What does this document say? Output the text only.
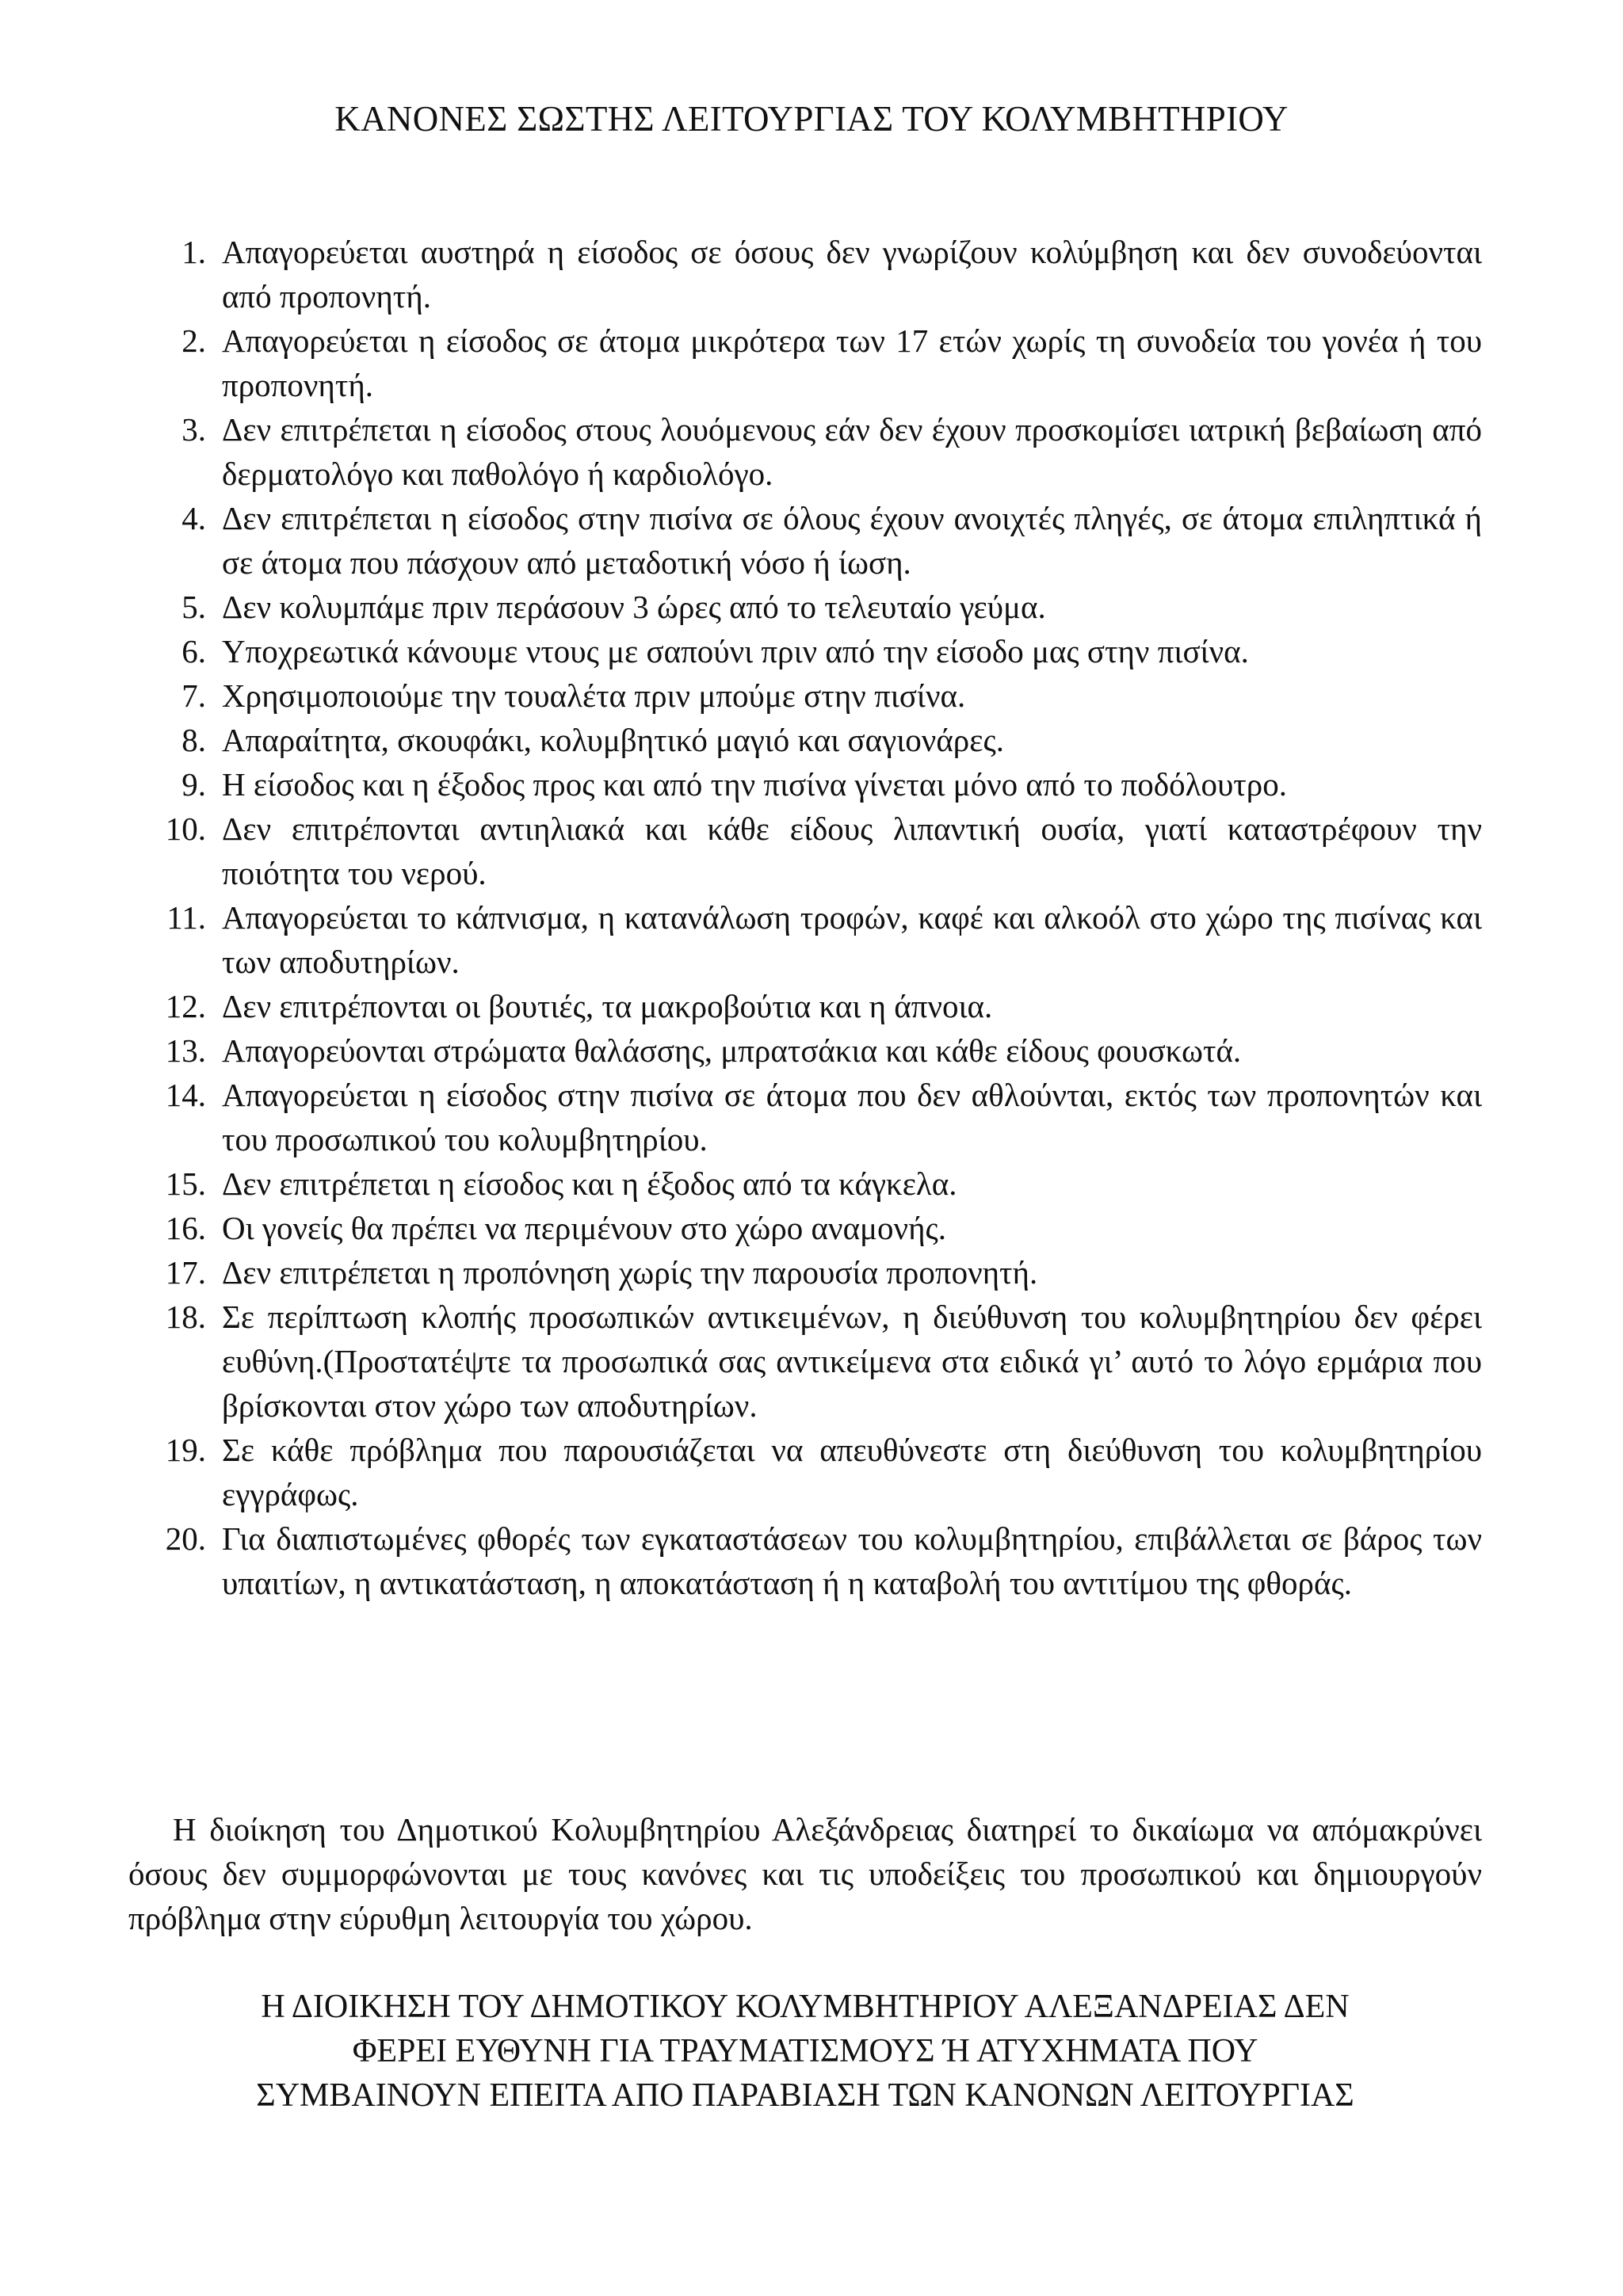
ΚΑΝΟΝΕΣ ΣΩΣΤΗΣ ΛΕΙΤΟΥΡΓΙΑΣ ΤΟΥ ΚΟΛΥΜΒΗΤΗΡΙΟΥ
1. Απαγορεύεται αυστηρά η είσοδος σε όσους δεν γνωρίζουν κολύμβηση και δεν συνοδεύονται από προπονητή.
2. Απαγορεύεται η είσοδος σε άτομα μικρότερα των 17 ετών χωρίς τη συνοδεία του γονέα ή του προπονητή.
3. Δεν επιτρέπεται η είσοδος στους λουόμενους εάν δεν έχουν προσκομίσει ιατρική βεβαίωση από δερματολόγο και παθολόγο ή καρδιολόγο.
4. Δεν επιτρέπεται η είσοδος στην πισίνα σε όλους έχουν ανοιχτές πληγές, σε άτομα επιληπτικά ή σε άτομα που πάσχουν από μεταδοτική νόσο ή ίωση.
5. Δεν κολυμπάμε πριν περάσουν 3 ώρες από το τελευταίο γεύμα.
6. Υποχρεωτικά κάνουμε ντους με σαπούνι πριν από την είσοδο μας στην πισίνα.
7. Χρησιμοποιούμε την τουαλέτα πριν μπούμε στην πισίνα.
8. Απαραίτητα, σκουφάκι, κολυμβητικό μαγιό και σαγιονάρες.
9. Η είσοδος και η έξοδος προς και από την πισίνα γίνεται μόνο από το ποδόλουτρο.
10. Δεν επιτρέπονται αντιηλιακά και κάθε είδους λιπαντική ουσία, γιατί καταστρέφουν την ποιότητα του νερού.
11. Απαγορεύεται το κάπνισμα, η κατανάλωση τροφών, καφέ και αλκοόλ στο χώρο της πισίνας και των αποδυτηρίων.
12. Δεν επιτρέπονται οι βουτιές, τα μακροβούτια και η άπνοια.
13. Απαγορεύονται στρώματα θαλάσσης, μπρατσάκια και κάθε είδους φουσκωτά.
14. Απαγορεύεται η είσοδος στην πισίνα σε άτομα που δεν αθλούνται, εκτός των προπονητών και του προσωπικού του κολυμβητηρίου.
15. Δεν επιτρέπεται η είσοδος και η έξοδος από τα κάγκελα.
16. Οι γονείς θα πρέπει να περιμένουν στο χώρο αναμονής.
17. Δεν επιτρέπεται η προπόνηση χωρίς την παρουσία προπονητή.
18. Σε περίπτωση κλοπής προσωπικών αντικειμένων, η διεύθυνση του κολυμβητηρίου δεν φέρει ευθύνη.(Προστατέψτε τα προσωπικά σας αντικείμενα στα ειδικά γι’ αυτό το λόγο ερμάρια που βρίσκονται στον χώρο των αποδυτηρίων.
19. Σε κάθε πρόβλημα που παρουσιάζεται να απευθύνεστε στη διεύθυνση του κολυμβητηρίου εγγράφως.
20. Για διαπιστωμένες φθορές των εγκαταστάσεων του κολυμβητηρίου, επιβάλλεται σε βάρος των υπαιτίων, η αντικατάσταση, η αποκατάσταση ή η καταβολή του αντιτίμου της φθοράς.

Η διοίκηση του Δημοτικού Κολυμβητηρίου Αλεξάνδρειας διατηρεί το δικαίωμα να απόμακρύνει όσους δεν συμμορφώνονται με τους κανόνες και τις υποδείξεις του προσωπικού και δημιουργούν πρόβλημα στην εύρυθμη λειτουργία του χώρου.

Η ΔΙΟΙΚΗΣΗ ΤΟΥ ΔΗΜΟΤΙΚΟΥ ΚΟΛΥΜΒΗΤΗΡΙΟΥ ΑΛΕΞΑΝΔΡΕΙΑΣ ΔΕΝ
ΦΕΡΕΙ ΕΥΘΥΝΗ ΓΙΑ ΤΡΑΥΜΑΤΙΣΜΟΥΣ Ή ΑΤΥΧΗΜΑΤΑ ΠΟΥ
ΣΥΜΒΑΙΝΟΥΝ ΕΠΕΙΤΑ ΑΠΟ ΠΑΡΑΒΙΑΣΗ ΤΩΝ ΚΑΝΟΝΩΝ ΛΕΙΤΟΥΡΓΙΑΣ
